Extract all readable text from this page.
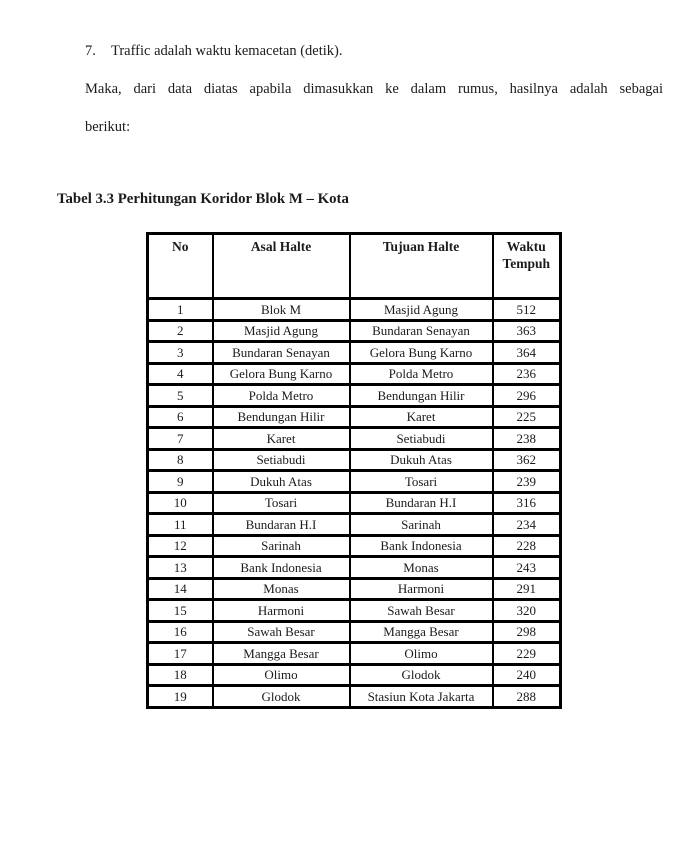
7. Traffic adalah waktu kemacetan (detik).

Maka, dari data diatas apabila dimasukkan ke dalam rumus, hasilnya adalah sebagai

berikut:

Tabel 3.3 Perhitungan Koridor Blok M – Kota
No	Asal Halte	Tujuan Halte	Waktu Tempuh
1	Blok M	Masjid Agung	512
2	Masjid Agung	Bundaran Senayan	363
3	Bundaran Senayan	Gelora Bung Karno	364
4	Gelora Bung Karno	Polda Metro	236
5	Polda Metro	Bendungan Hilir	296
6	Bendungan Hilir	Karet	225
7	Karet	Setiabudi	238
8	Setiabudi	Dukuh Atas	362
9	Dukuh Atas	Tosari	239
10	Tosari	Bundaran H.I	316
11	Bundaran H.I	Sarinah	234
12	Sarinah	Bank Indonesia	228
13	Bank Indonesia	Monas	243
14	Monas	Harmoni	291
15	Harmoni	Sawah Besar	320
16	Sawah Besar	Mangga Besar	298
17	Mangga Besar	Olimo	229
18	Olimo	Glodok	240
19	Glodok	Stasiun Kota Jakarta	288
